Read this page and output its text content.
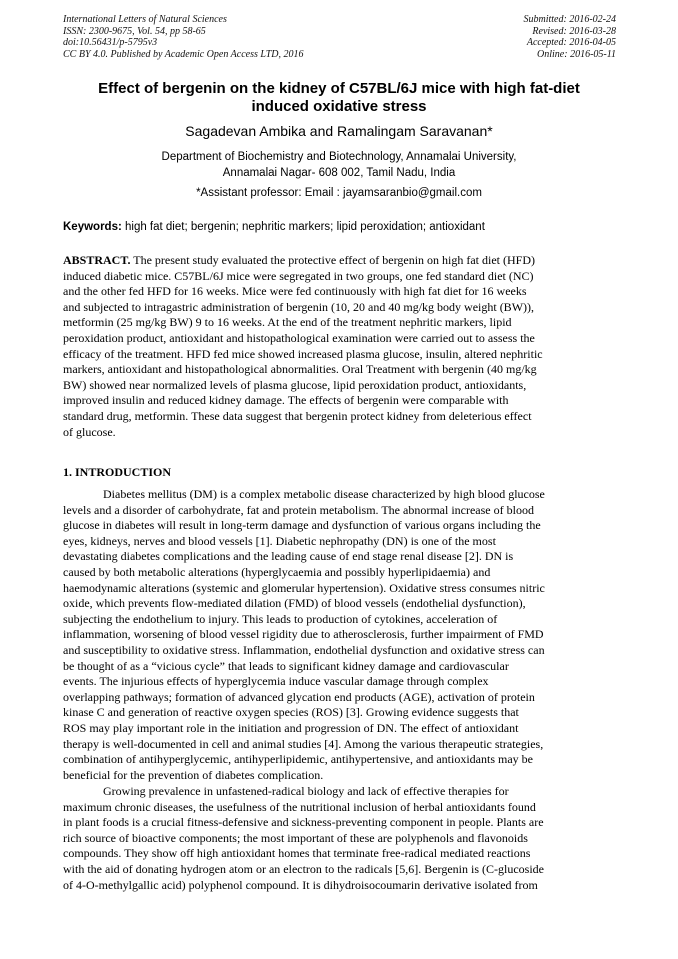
International Letters of Natural Sciences
ISSN: 2300-9675, Vol. 54, pp 58-65
doi:10.56431/p-5795v3
CC BY 4.0. Published by Academic Open Access LTD, 2016
Submitted: 2016-02-24
Revised: 2016-03-28
Accepted: 2016-04-05
Online: 2016-05-11
Effect of bergenin on the kidney of C57BL/6J mice with high fat-diet
induced oxidative stress
Sagadevan Ambika and Ramalingam Saravanan*
Department of Biochemistry and Biotechnology, Annamalai University,
Annamalai Nagar- 608 002, Tamil Nadu, India
*Assistant professor: Email : jayamsaranbio@gmail.com
Keywords: high fat diet; bergenin; nephritic markers; lipid peroxidation; antioxidant
ABSTRACT. The present study evaluated the protective effect of bergenin on high fat diet (HFD)
induced diabetic mice. C57BL/6J mice were segregated in two groups, one fed standard diet (NC)
and the other fed HFD for 16 weeks. Mice were fed continuously with high fat diet for 16 weeks
and subjected to intragastric administration of bergenin (10, 20 and 40 mg/kg body weight (BW)),
metformin (25 mg/kg BW) 9 to 16 weeks. At the end of the treatment nephritic markers, lipid
peroxidation product, antioxidant and histopathological examination were carried out to assess the
efficacy of the treatment. HFD fed mice showed increased plasma glucose, insulin, altered nephritic
markers, antioxidant and histopathological abnormalities. Oral Treatment with bergenin (40 mg/kg
BW) showed near normalized levels of plasma glucose, lipid peroxidation product, antioxidants,
improved insulin and reduced kidney damage. The effects of bergenin were comparable with
standard drug, metformin. These data suggest that bergenin protect kidney from deleterious effect
of glucose.
1. INTRODUCTION
Diabetes mellitus (DM) is a complex metabolic disease characterized by high blood glucose
levels and a disorder of carbohydrate, fat and protein metabolism. The abnormal increase of blood
glucose in diabetes will result in long-term damage and dysfunction of various organs including the
eyes, kidneys, nerves and blood vessels [1]. Diabetic nephropathy (DN) is one of the most
devastating diabetes complications and the leading cause of end stage renal disease [2]. DN is
caused by both metabolic alterations (hyperglycaemia and possibly hyperlipidaemia) and
haemodynamic alterations (systemic and glomerular hypertension). Oxidative stress consumes nitric
oxide, which prevents flow-mediated dilation (FMD) of blood vessels (endothelial dysfunction),
subjecting the endothelium to injury. This leads to production of cytokines, acceleration of
inflammation, worsening of blood vessel rigidity due to atherosclerosis, further impairment of FMD
and susceptibility to oxidative stress. Inflammation, endothelial dysfunction and oxidative stress can
be thought of as a “vicious cycle” that leads to significant kidney damage and cardiovascular
events. The injurious effects of hyperglycemia induce vascular damage through complex
overlapping pathways; formation of advanced glycation end products (AGE), activation of protein
kinase C and generation of reactive oxygen species (ROS) [3]. Growing evidence suggests that
ROS may play important role in the initiation and progression of DN. The effect of antioxidant
therapy is well-documented in cell and animal studies [4]. Among the various therapeutic strategies,
combination of antihyperglycemic, antihyperlipidemic, antihypertensive, and antioxidants may be
beneficial for the prevention of diabetes complication.
Growing prevalence in unfastened-radical biology and lack of effective therapies for
maximum chronic diseases, the usefulness of the nutritional inclusion of herbal antioxidants found
in plant foods is a crucial fitness-defensive and sickness-preventing component in people. Plants are
rich source of bioactive components; the most important of these are polyphenols and flavonoids
compounds. They show off high antioxidant homes that terminate free-radical mediated reactions
with the aid of donating hydrogen atom or an electron to the radicals [5,6]. Bergenin is (C-glucoside
of 4-O-methylgallic acid) polyphenol compound. It is dihydroisocoumarin derivative isolated from
